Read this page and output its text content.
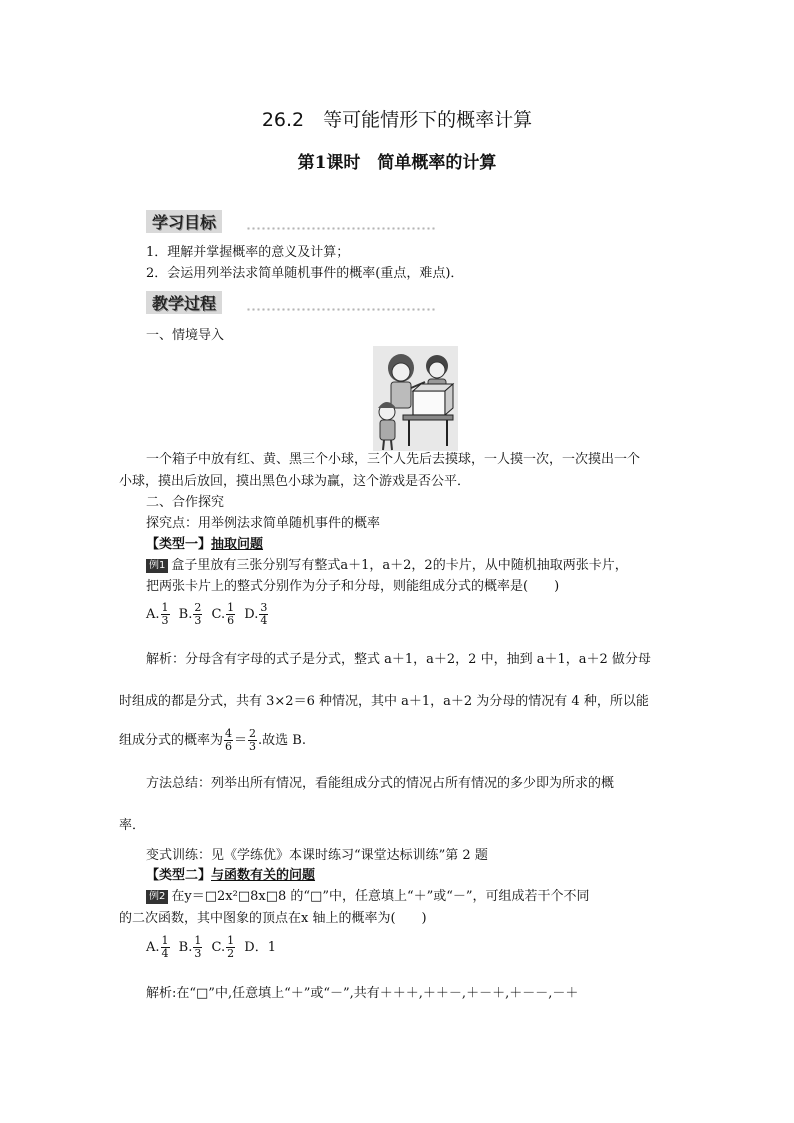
26.2　等可能情形下的概率计算
第1课时　简单概率的计算
学习目标
1．理解并掌握概率的意义及计算；
2．会运用列举法求简单随机事件的概率(重点，难点)．
教学过程
一、情境导入
一个箱子中放有红、黄、黑三个小球，三个人先后去摸球，一人摸一次，一次摸出一个
小球，摸出后放回，摸出黑色小球为赢，这个游戏是否公平．
二、合作探究
探究点：用举例法求简单随机事件的概率
【类型一】抽取问题
例1 盒子里放有三张分别写有整式a＋1，a＋2，2的卡片，从中随机抽取两张卡片，
把两张卡片上的整式分别作为分子和分母，则能组成分式的概率是(　　)
A. $\frac{1}{3} B$. $\frac{2}{3} C$. $\frac{1}{6} D$. $\frac{3}{4}$
解析：分母含有字母的式子是分式，整式 a＋1，a＋2，2 中，抽到 a＋1，a＋2 做分母
时组成的都是分式，共有 3×2＝6 种情况，其中 a＋1，a＋2 为分母的情况有 4 种，所以能
组成分式的概率为 $\frac{4}{6} = \frac{2}{3}$ .故选 B.
方法总结：列举出所有情况，看能组成分式的情况占所有情况的多少即为所求的概
率．
变式训练：见《学练优》本课时练习“课堂达标训练”第 2 题
【类型二】与函数有关的问题
例2 在y＝□2x²□8x□8 的“□”中，任意填上“＋”或“－”，可组成若干个不同
的二次函数，其中图象的顶点在x 轴上的概率为(　　)
A. $\frac{1}{4} B$. $\frac{1}{3} C$. $\frac{1}{2}$ D．1
解析:在“□”中,任意填上“＋”或“－”,共有＋＋＋,＋＋－,＋－＋,＋－－,－＋
